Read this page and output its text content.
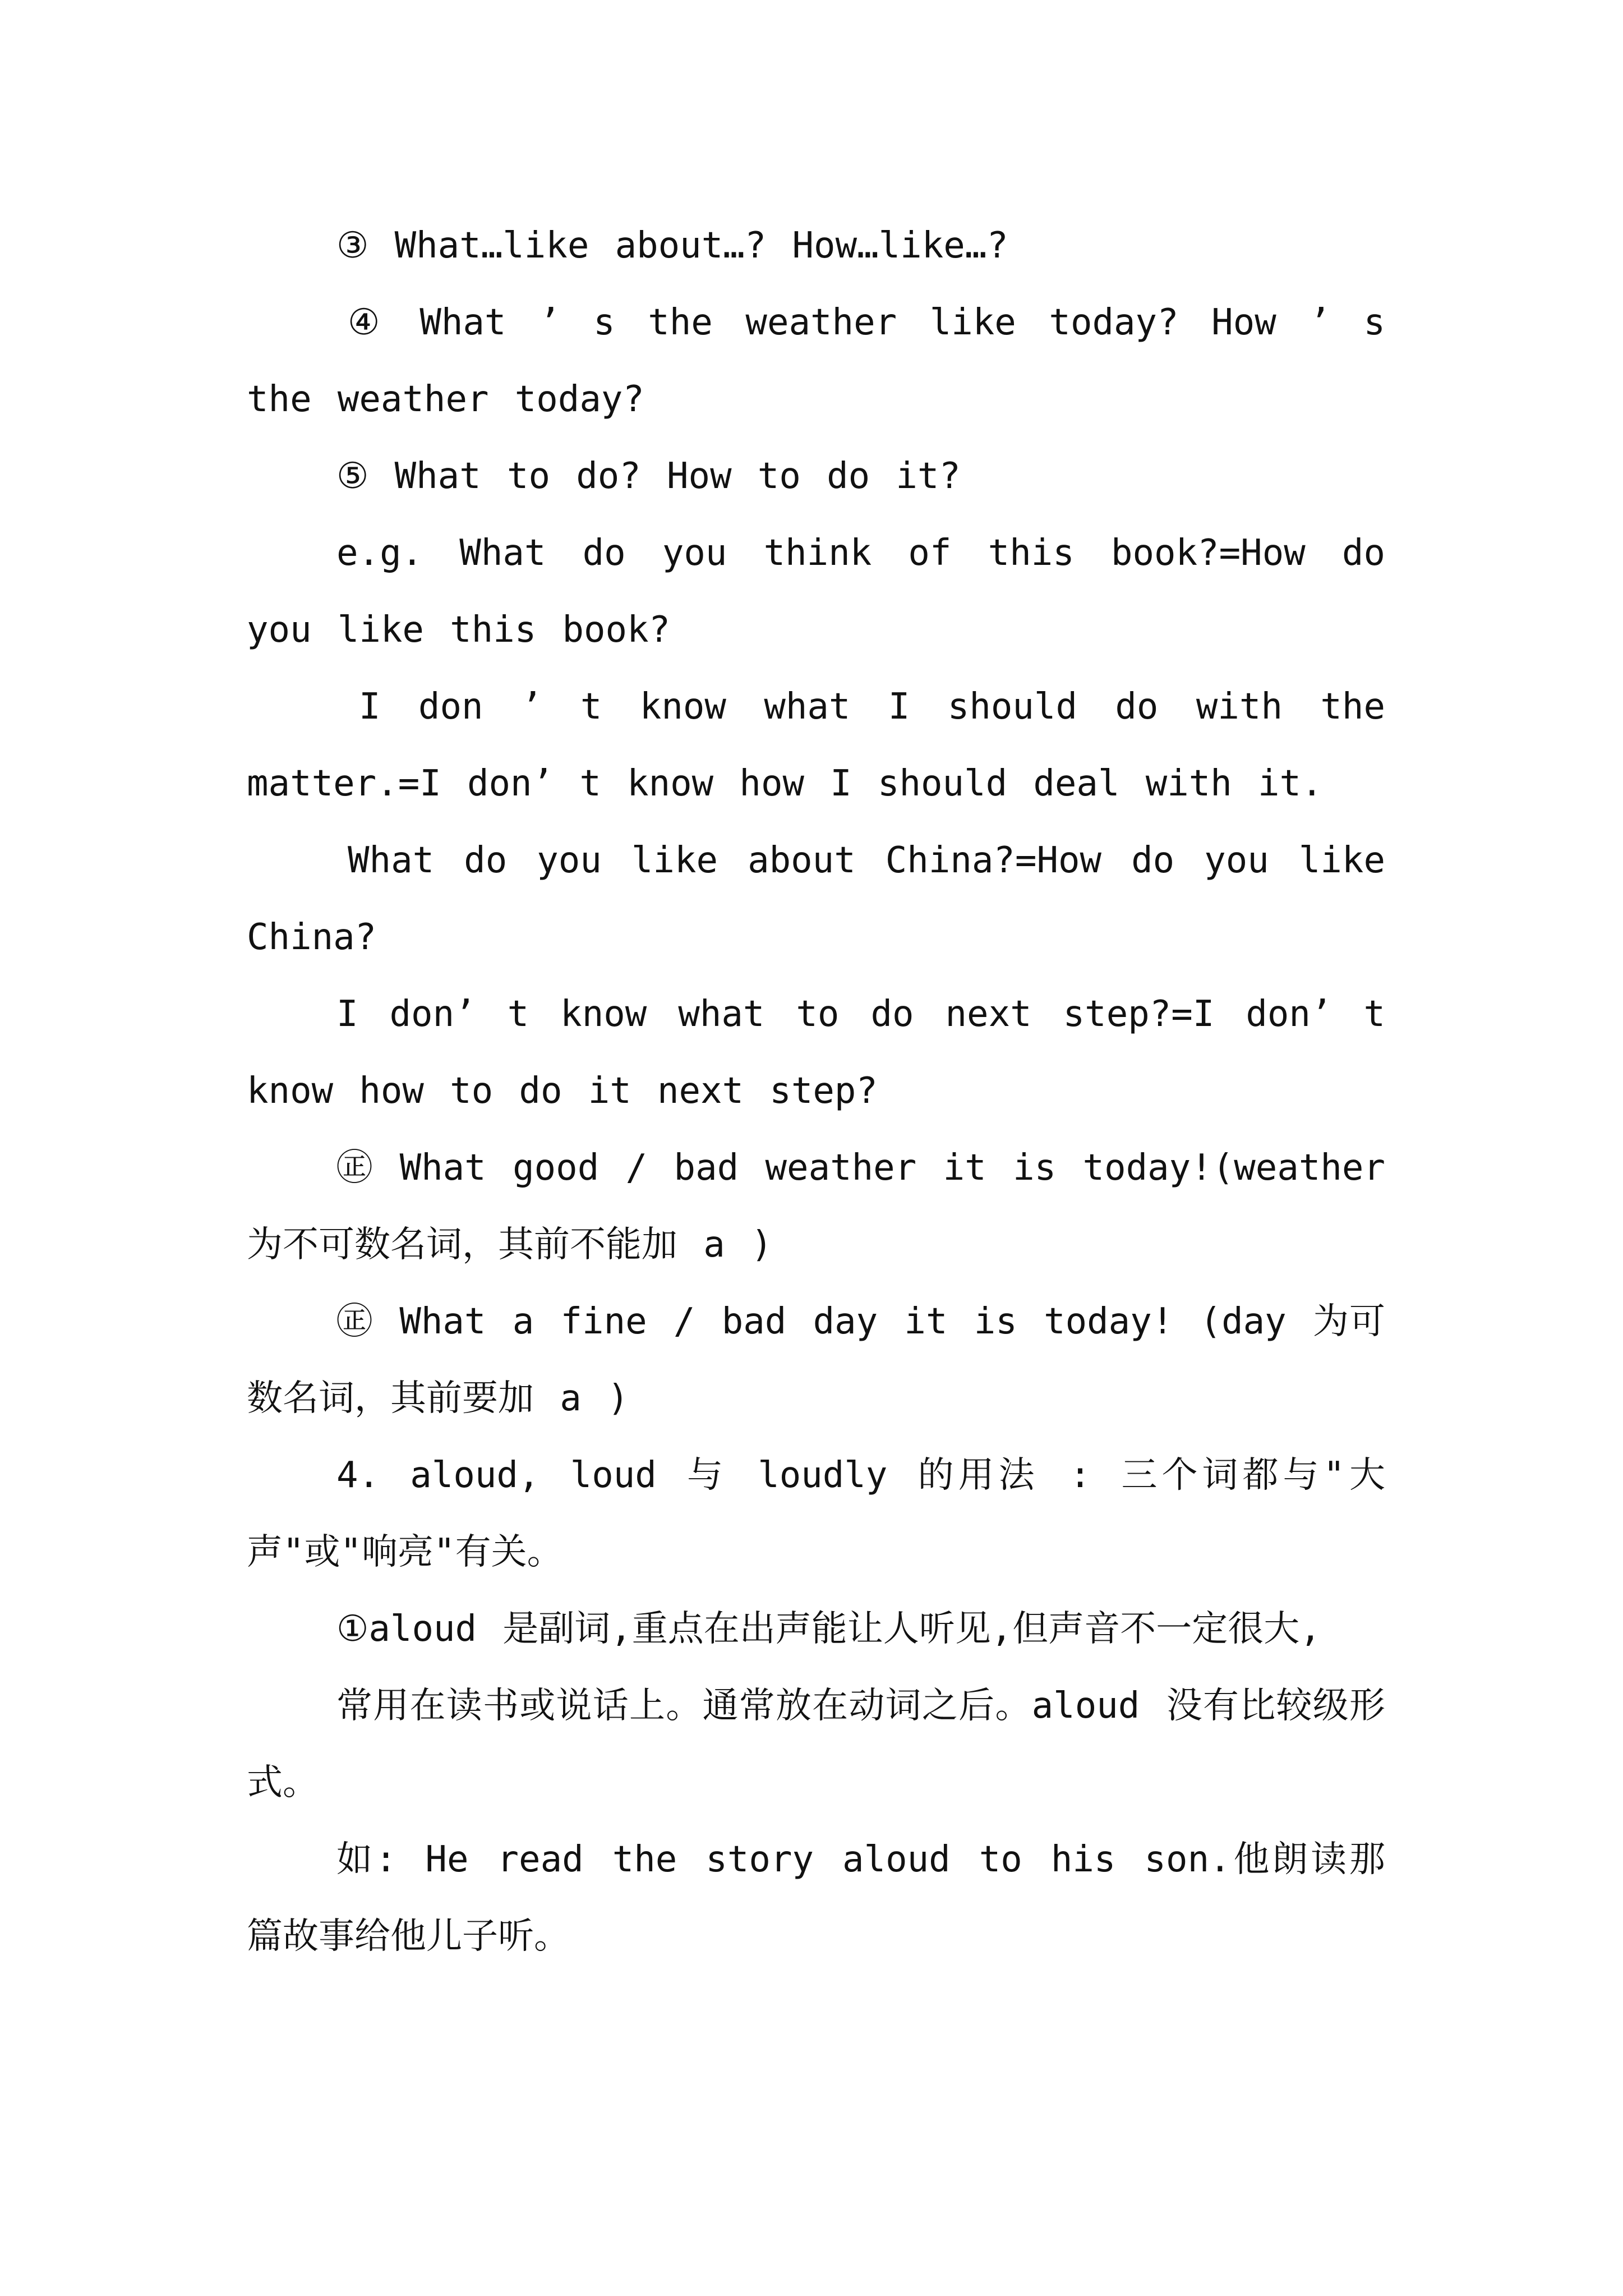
③ What…like about…? How…like…?

④ What ’ s the weather like today? How ’ s the weather today?

⑤ What to do? How to do it?

e.g. What do you think of this book?=How do you like this book?

I don ’ t know what I should do with the matter.=I don’ t know how I should deal with it.

What do you like about China?=How do you like China?

I don’ t know what to do next step?=I don’ t know how to do it next step?

㊣ What good / bad weather it is today!(weather 为不可数名词，其前不能加 a )

㊣ What a fine / bad day it is today! (day 为可数名词，其前要加 a )

4. aloud, loud 与 loudly 的用法 : 三个词都与"大声"或"响亮"有关。

①aloud 是副词,重点在出声能让人听见,但声音不一定很大,

常用在读书或说话上。通常放在动词之后。aloud 没有比较级形式。

如: He read the story aloud to his son.他朗读那篇故事给他儿子听。
